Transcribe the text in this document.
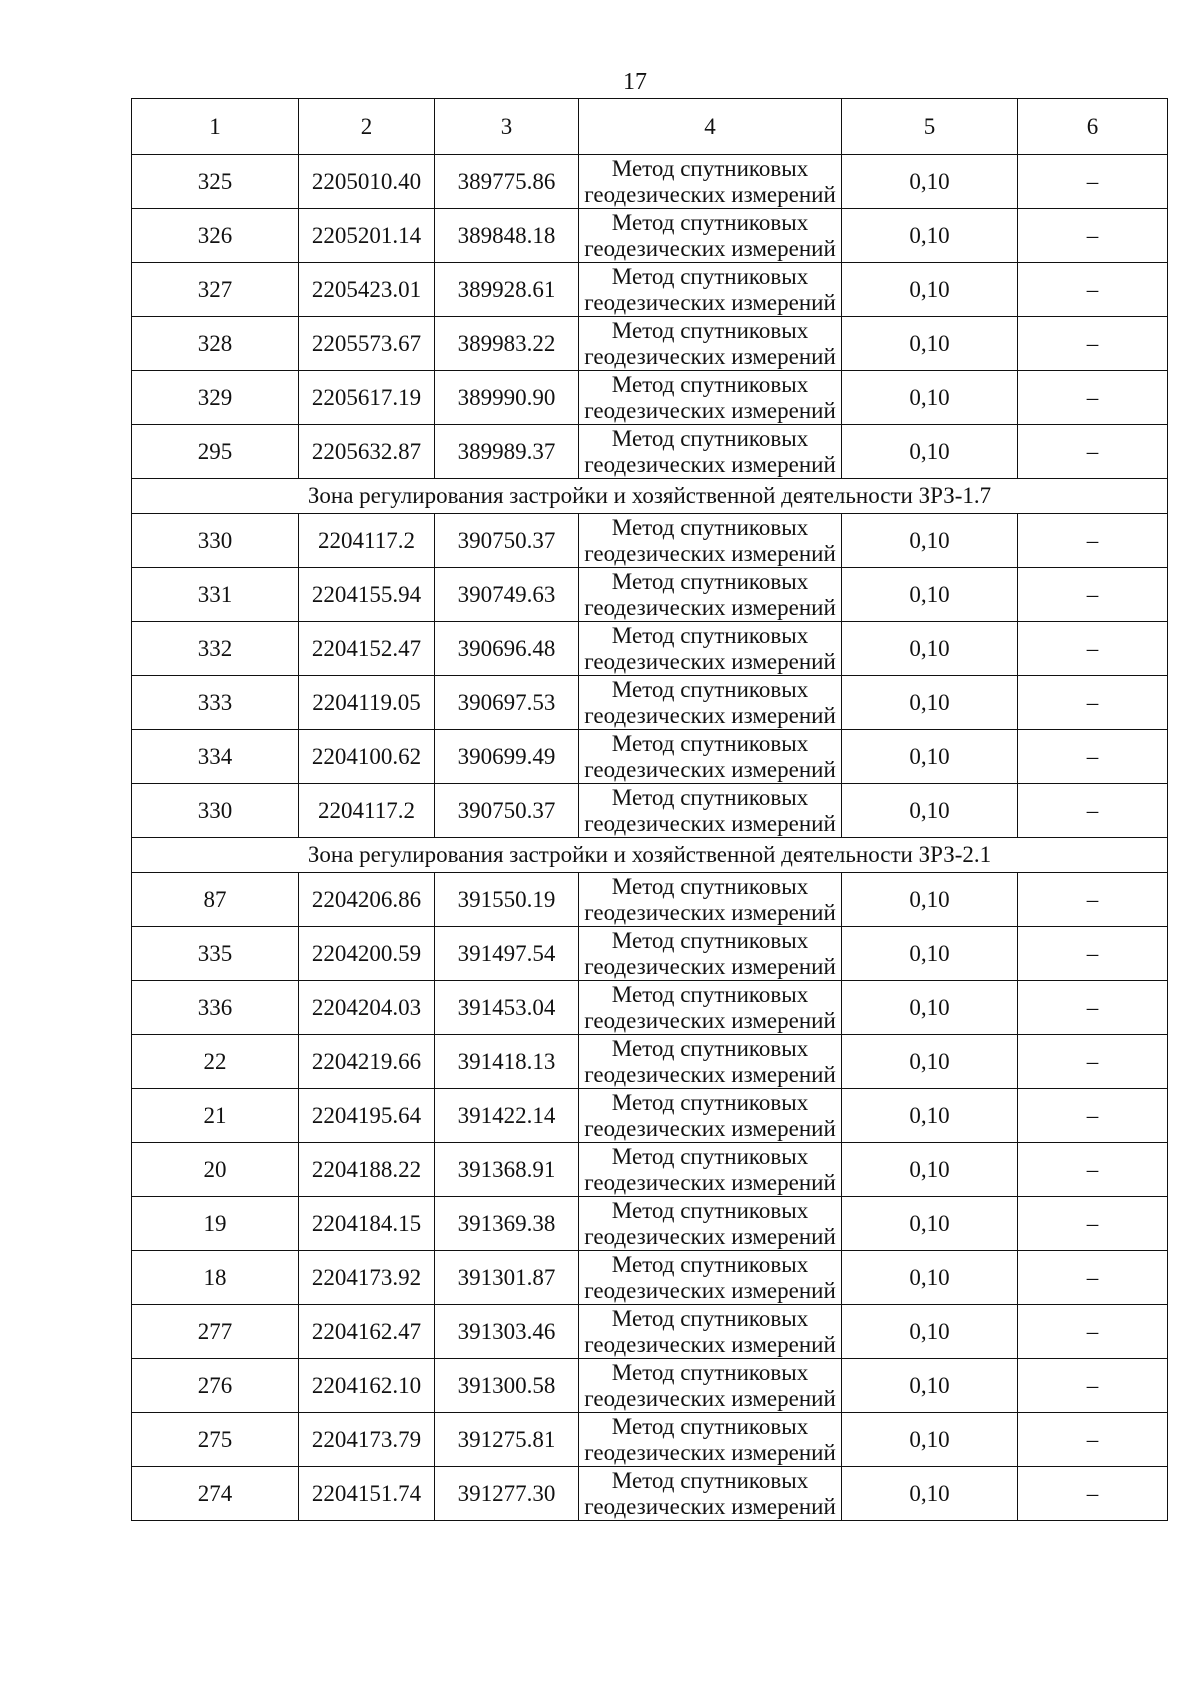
17
1	2	3	4	5	6
325	2205010.40	389775.86	Метод спутниковых
геодезических измерений	0,10	–
326	2205201.14	389848.18	Метод спутниковых
геодезических измерений	0,10	–
327	2205423.01	389928.61	Метод спутниковых
геодезических измерений	0,10	–
328	2205573.67	389983.22	Метод спутниковых
геодезических измерений	0,10	–
329	2205617.19	389990.90	Метод спутниковых
геодезических измерений	0,10	–
295	2205632.87	389989.37	Метод спутниковых
геодезических измерений	0,10	–
Зона регулирования застройки и хозяйственной деятельности ЗРЗ-1.7					
330	2204117.2	390750.37	Метод спутниковых
геодезических измерений	0,10	–
331	2204155.94	390749.63	Метод спутниковых
геодезических измерений	0,10	–
332	2204152.47	390696.48	Метод спутниковых
геодезических измерений	0,10	–
333	2204119.05	390697.53	Метод спутниковых
геодезических измерений	0,10	–
334	2204100.62	390699.49	Метод спутниковых
геодезических измерений	0,10	–
330	2204117.2	390750.37	Метод спутниковых
геодезических измерений	0,10	–
Зона регулирования застройки и хозяйственной деятельности ЗРЗ-2.1					
87	2204206.86	391550.19	Метод спутниковых
геодезических измерений	0,10	–
335	2204200.59	391497.54	Метод спутниковых
геодезических измерений	0,10	–
336	2204204.03	391453.04	Метод спутниковых
геодезических измерений	0,10	–
22	2204219.66	391418.13	Метод спутниковых
геодезических измерений	0,10	–
21	2204195.64	391422.14	Метод спутниковых
геодезических измерений	0,10	–
20	2204188.22	391368.91	Метод спутниковых
геодезических измерений	0,10	–
19	2204184.15	391369.38	Метод спутниковых
геодезических измерений	0,10	–
18	2204173.92	391301.87	Метод спутниковых
геодезических измерений	0,10	–
277	2204162.47	391303.46	Метод спутниковых
геодезических измерений	0,10	–
276	2204162.10	391300.58	Метод спутниковых
геодезических измерений	0,10	–
275	2204173.79	391275.81	Метод спутниковых
геодезических измерений	0,10	–
274	2204151.74	391277.30	Метод спутниковых
геодезических измерений	0,10	–
